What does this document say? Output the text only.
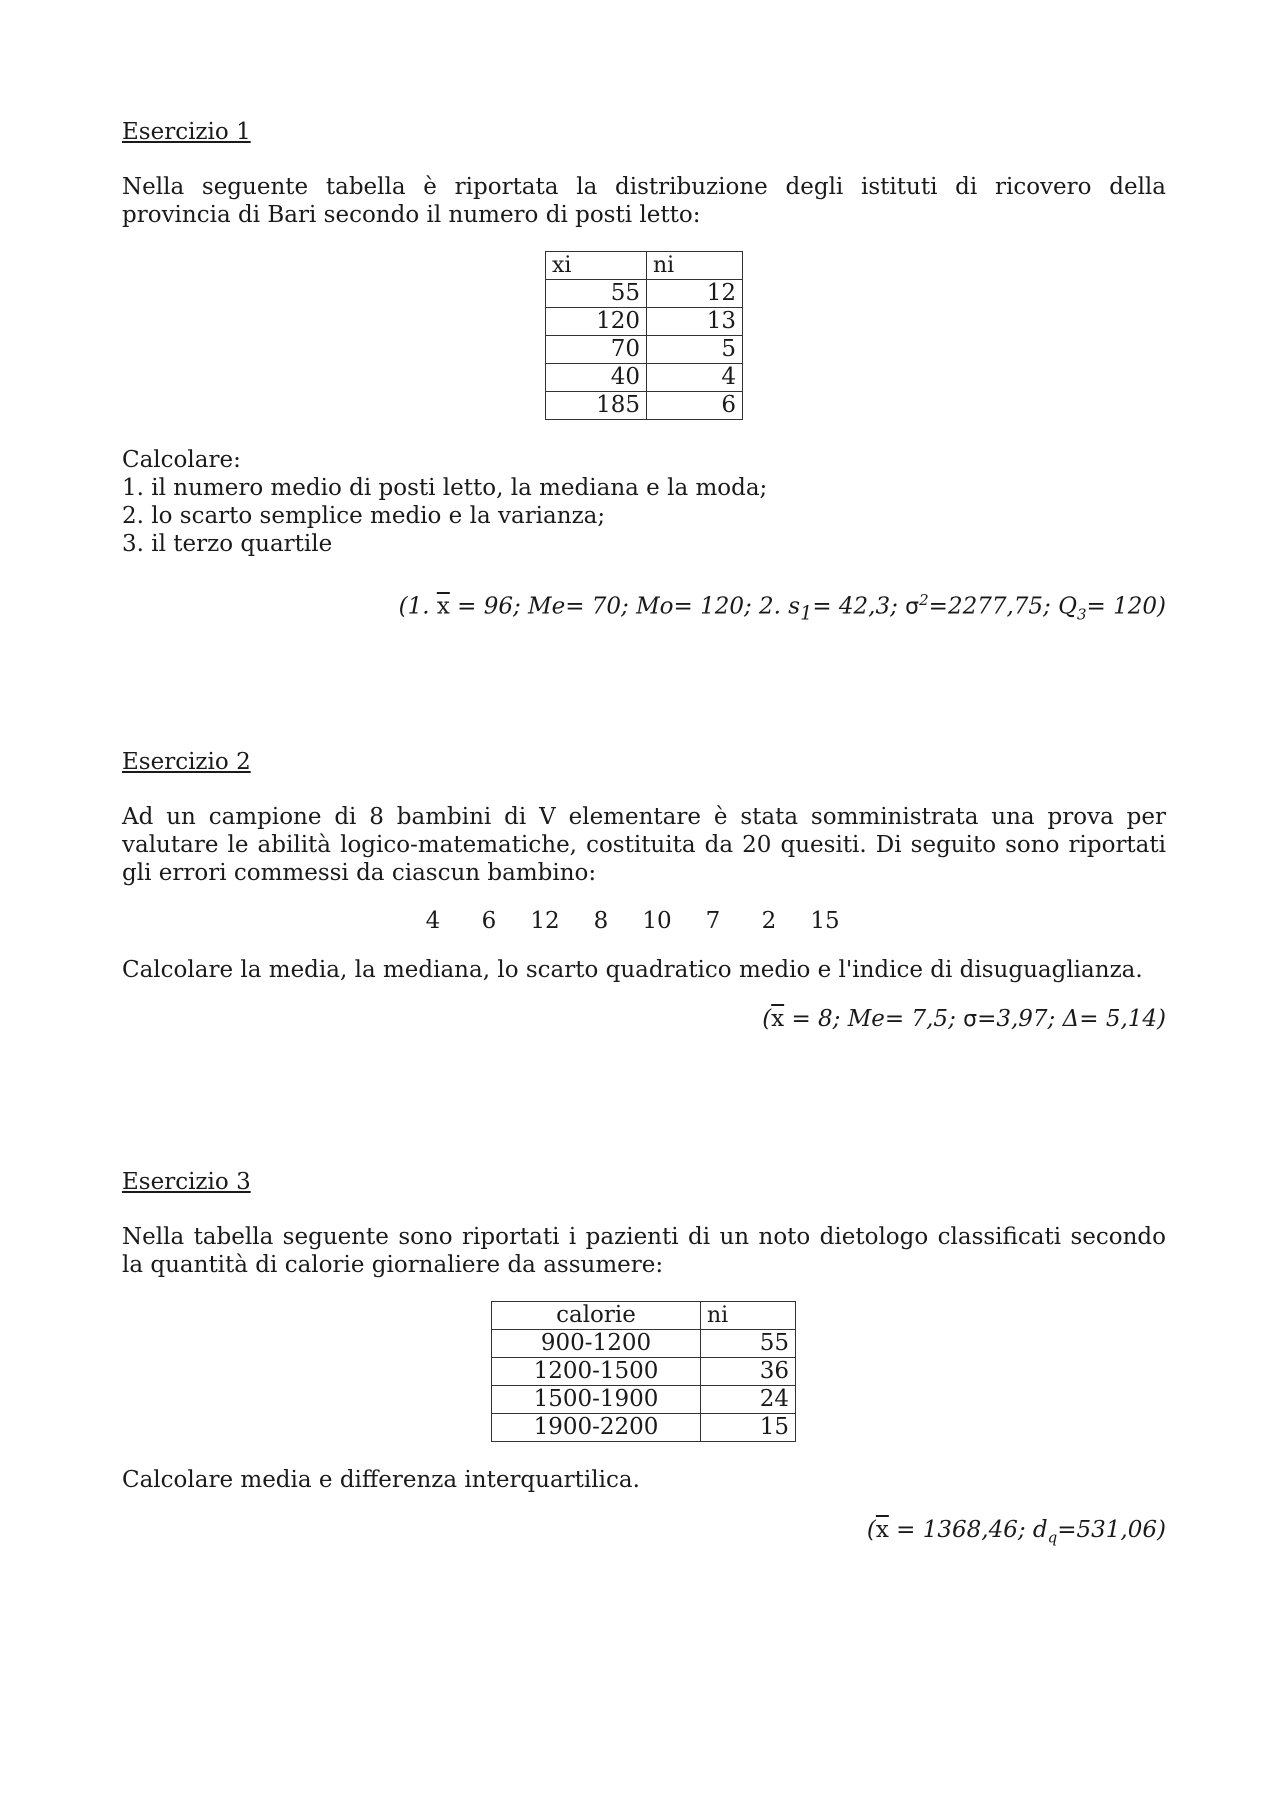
Esercizio 1

Nella seguente tabella è riportata la distribuzione degli istituti di ricovero della provincia di Bari secondo il numero di posti letto:

xi	ni
55	12
120	13
70	5
40	4
185	6

Calcolare:

1. il numero medio di posti letto, la mediana e la moda;
2. lo scarto semplice medio e la varianza;
3. il terzo quartile

(1. $\overline{x} = 96$; Me= 70; Mo= 120; 2. $s_1= 42,3$; $\sigma^2=2277,75$; $Q_3= 120$)

Esercizio 2

Ad un campione di 8 bambini di V elementare è stata somministrata una prova per valutare le abilità logico-matematiche, costituita da 20 quesiti. Di seguito sono riportati gli errori commessi da ciascun bambino:

4	6	12	8	10	7	2	15

Calcolare la media, la mediana, lo scarto quadratico medio e l'indice di disuguaglianza.

($\overline{x} = 8$; Me= 7,5; σ=3,97; Δ= 5,14)

Esercizio 3

Nella tabella seguente sono riportati i pazienti di un noto dietologo classificati secondo la quantità di calorie giornaliere da assumere:

calorie	ni
900-1200	55
1200-1500	36
1500-1900	24
1900-2200	15

Calcolare media e differenza interquartilica.

($\overline{x} = 1368,46$; $d_q=531,06$)
